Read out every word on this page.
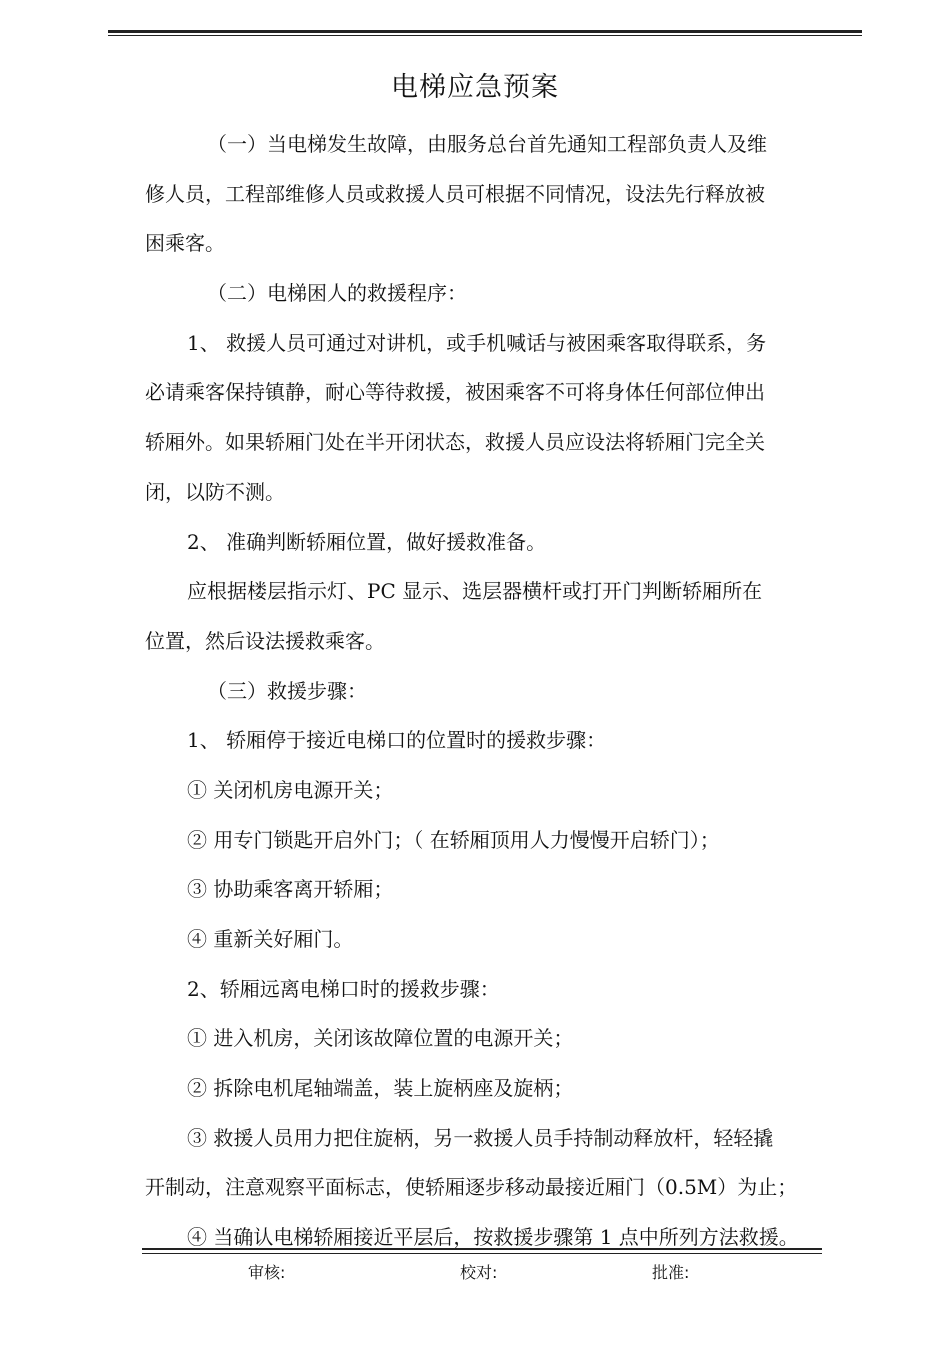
电梯应急预案
（一）当电梯发生故障，由服务总台首先通知工程部负责人及维
修人员，工程部维修人员或救援人员可根据不同情况，设法先行释放被
困乘客。
（二）电梯困人的救援程序：
1、 救援人员可通过对讲机，或手机喊话与被困乘客取得联系，务
必请乘客保持镇静，耐心等待救援，被困乘客不可将身体任何部位伸出
轿厢外。如果轿厢门处在半开闭状态，救援人员应设法将轿厢门完全关
闭，以防不测。
2、 准确判断轿厢位置，做好援救准备。
应根据楼层指示灯、PC 显示、选层器横杆或打开门判断轿厢所在
位置，然后设法援救乘客。
（三）救援步骤：
1、 轿厢停于接近电梯口的位置时的援救步骤：
① 关闭机房电源开关；
② 用专门锁匙开启外门；（ 在轿厢顶用人力慢慢开启轿门）；
③ 协助乘客离开轿厢；
④ 重新关好厢门。
2、轿厢远离电梯口时的援救步骤：
① 进入机房，关闭该故障位置的电源开关；
② 拆除电机尾轴端盖，装上旋柄座及旋柄；
③ 救援人员用力把住旋柄，另一救援人员手持制动释放杆，轻轻撬
开制动，注意观察平面标志，使轿厢逐步移动最接近厢门（0.5M）为止；
④ 当确认电梯轿厢接近平层后，按救援步骤第 1 点中所列方法救援。
审核:	校对:	批准:
